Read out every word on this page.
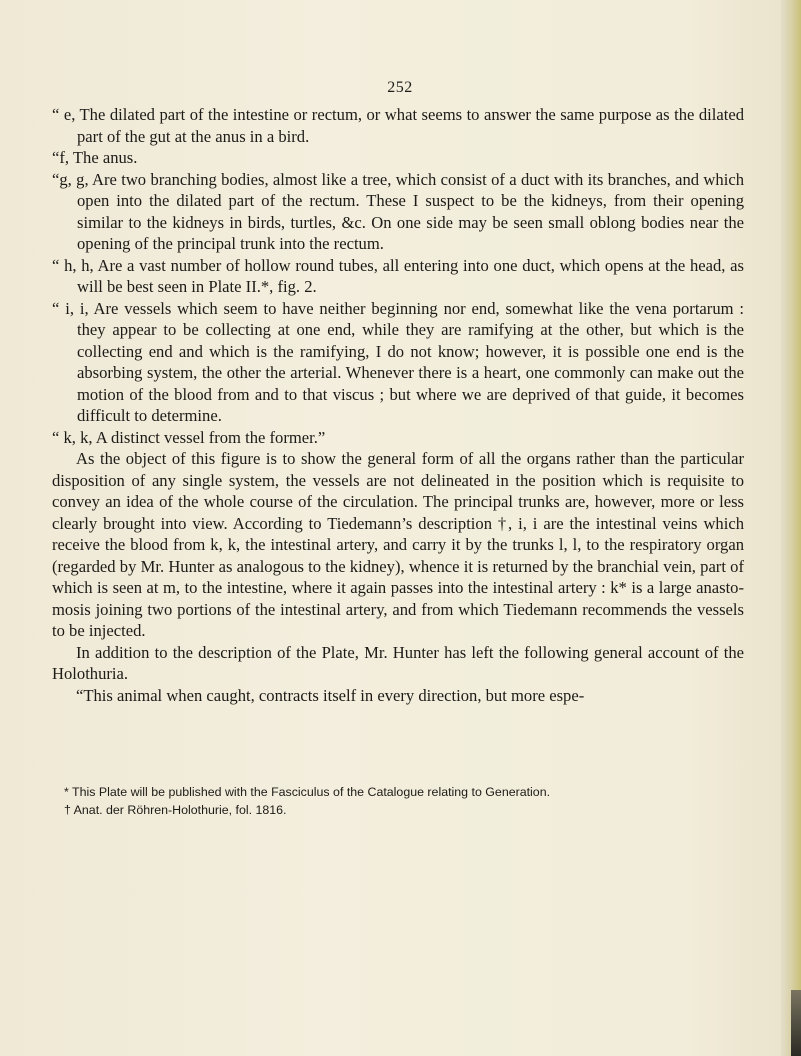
252

“ e, The dilated part of the intestine or rectum, or what seems to answer the same purpose as the dilated part of the gut at the anus in a bird.

“f, The anus.

“g, g, Are two branching bodies, almost like a tree, which consist of a duct with its branches, and which open into the dilated part of the rectum. These I suspect to be the kidneys, from their opening similar to the kidneys in birds, turtles, &c. On one side may be seen small oblong bodies near the opening of the principal trunk into the rectum.

“ h, h, Are a vast number of hollow round tubes, all entering into one duct, which opens at the head, as will be best seen in Plate II.*, fig. 2.

“ i, i, Are vessels which seem to have neither beginning nor end, somewhat like the vena portarum : they appear to be collecting at one end, while they are ramifying at the other, but which is the collecting end and which is the ramifying, I do not know; however, it is possible one end is the absorbing system, the other the arterial. Whenever there is a heart, one commonly can make out the motion of the blood from and to that viscus ; but where we are deprived of that guide, it becomes difficult to determine.

“ k, k, A distinct vessel from the former.”

As the object of this figure is to show the general form of all the organs rather than the particular disposition of any single system, the vessels are not delineated in the position which is requisite to convey an idea of the whole course of the circulation. The principal trunks are, however, more or less clearly brought into view. According to Tiedemann’s description †, i, i are the intestinal veins which receive the blood from k, k, the intestinal artery, and carry it by the trunks l, l, to the respiratory organ (regarded by Mr. Hunter as analogous to the kidney), whence it is returned by the branchial vein, part of which is seen at m, to the intestine, where it again passes into the intestinal artery : k* is a large anasto- mosis joining two portions of the intestinal artery, and from which Tiedemann recommends the vessels to be injected.

In addition to the description of the Plate, Mr. Hunter has left the following general account of the Holothuria.

“This animal when caught, contracts itself in every direction, but more espe-

* This Plate will be published with the Fasciculus of the Catalogue relating to Generation.

† Anat. der Röhren-Holothurie, fol. 1816.
